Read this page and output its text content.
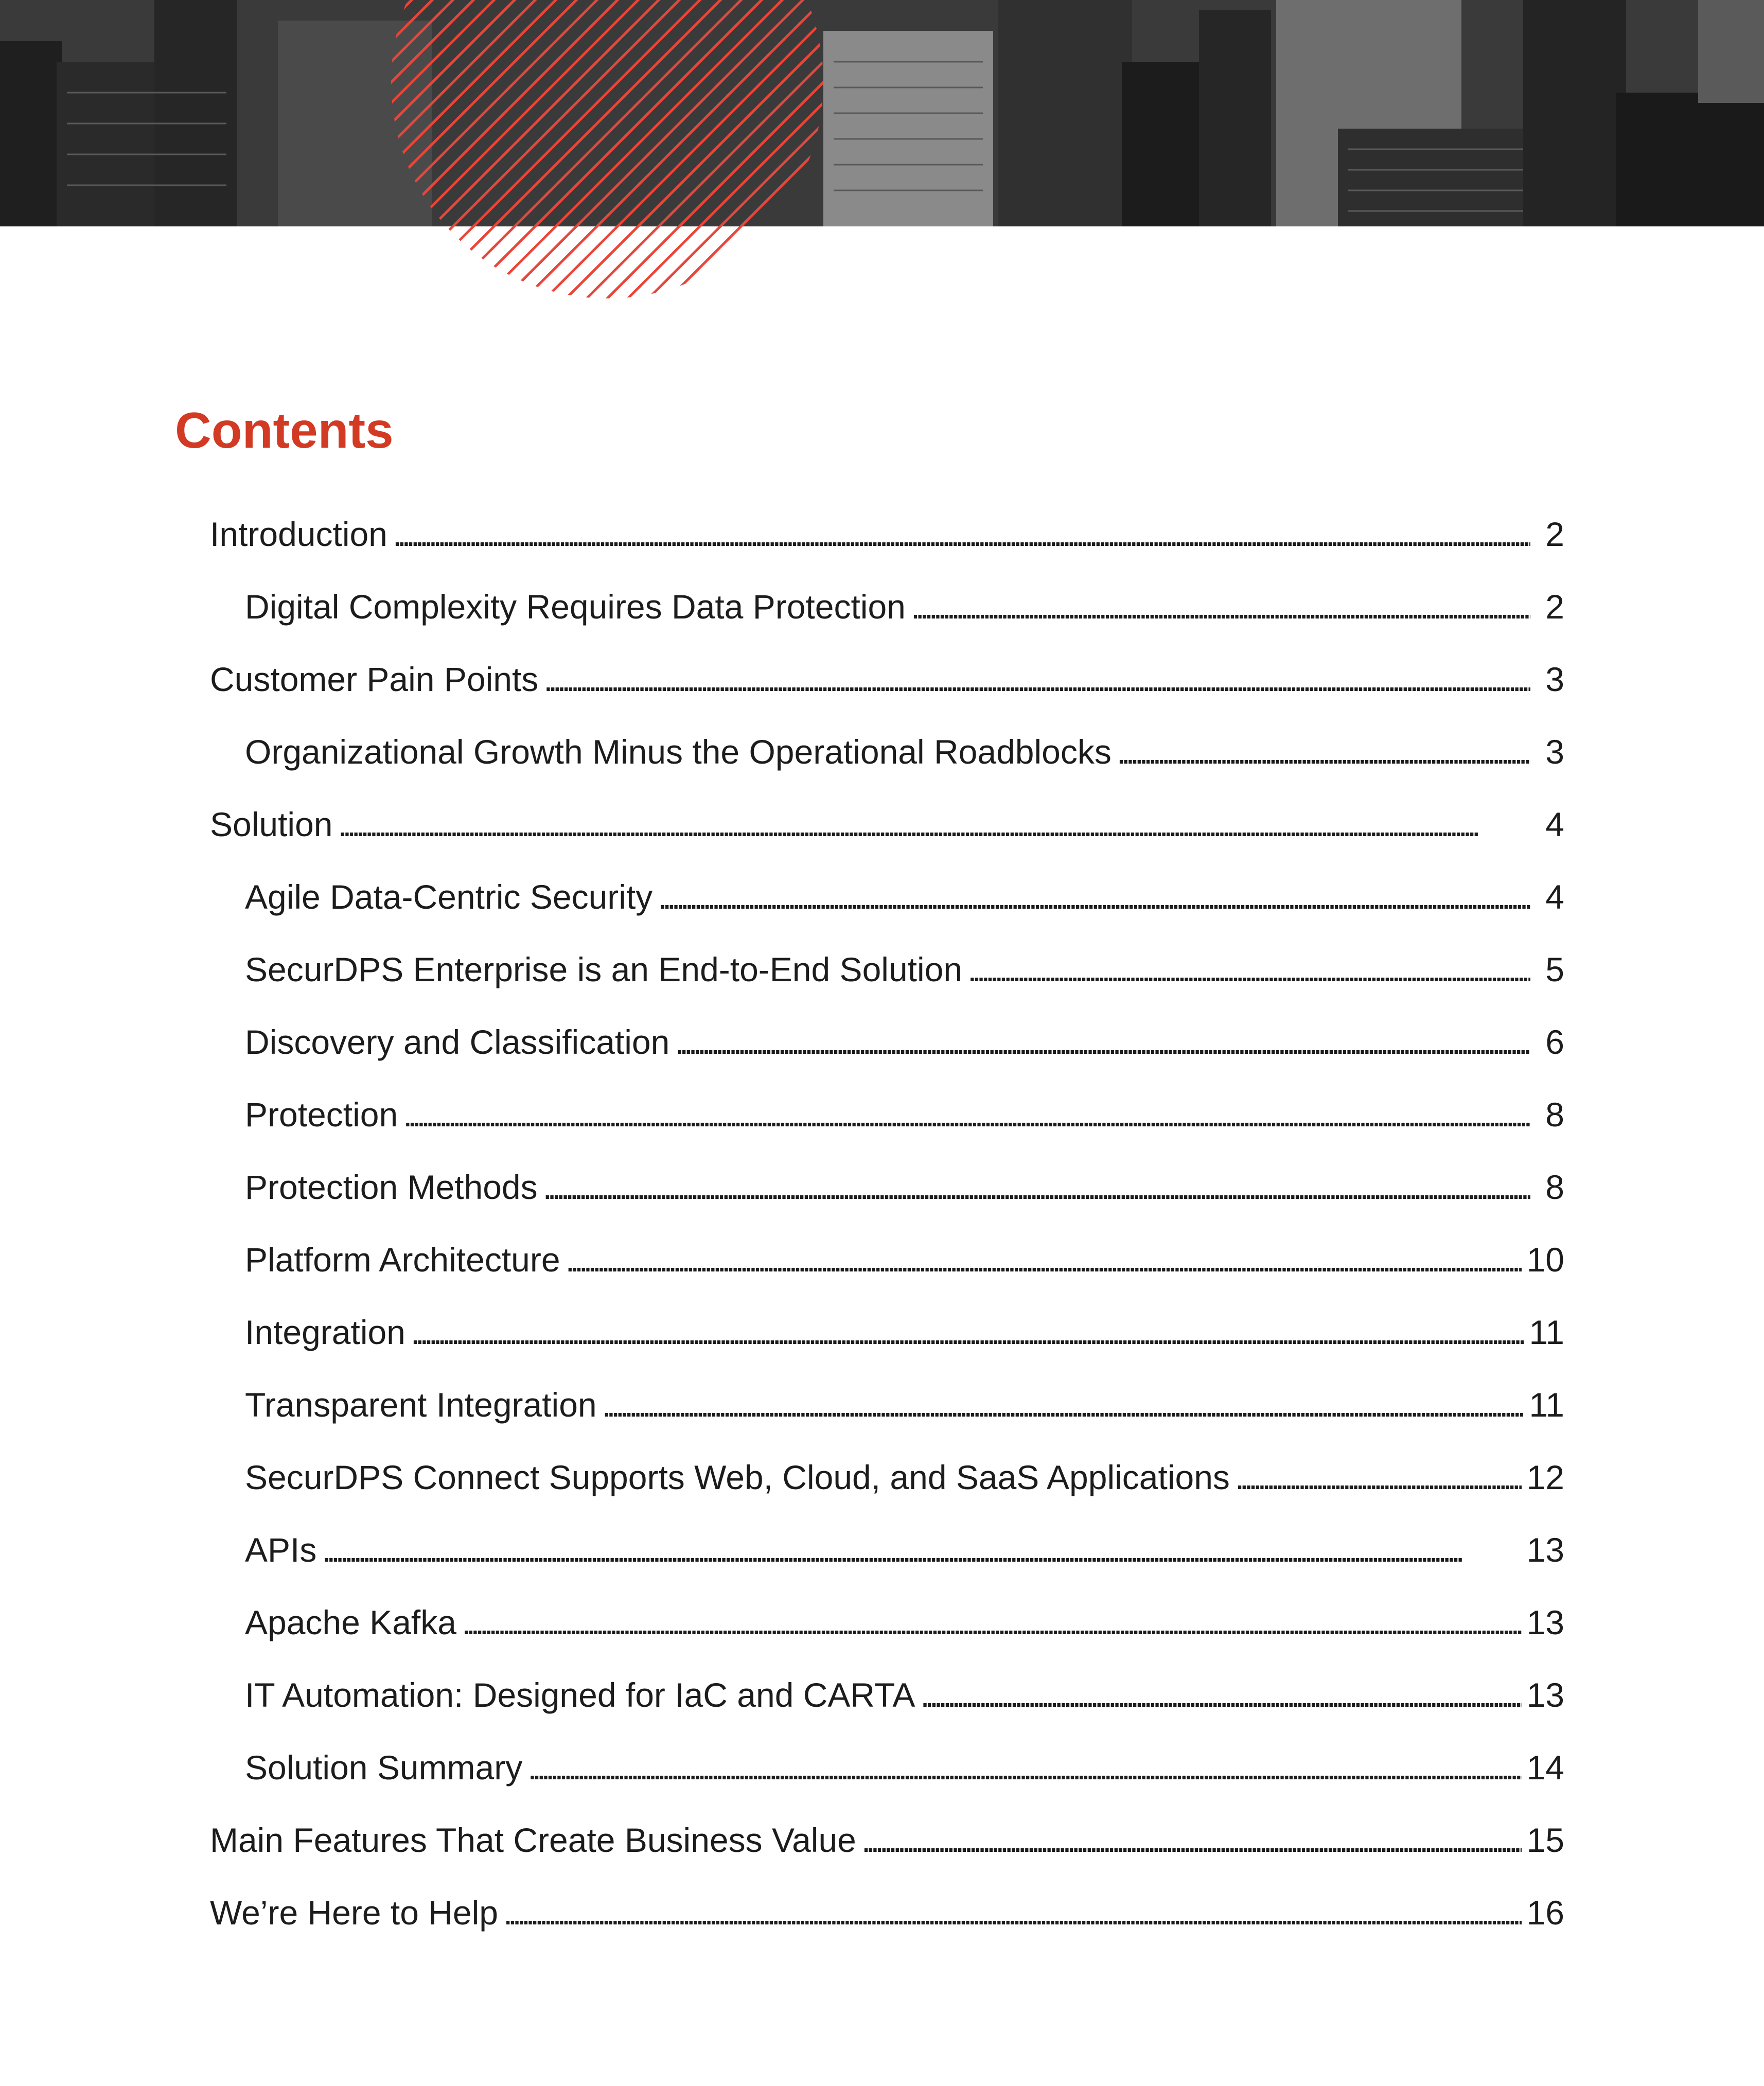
Contents
Introduction . . .	2
Digital Complexity Requires Data Protection . . .	2
Customer Pain Points . . .	3
Organizational Growth Minus the Operational Roadblocks . . .	3
Solution . . .	4
Agile Data-Centric Security . . .	4
SecurDPS Enterprise is an End-to-End Solution . . .	5
Discovery and Classification . . .	6
Protection . . .	8
Protection Methods . . .	8
Platform Architecture . . .	10
Integration . . .	11
Transparent Integration . . .	11
SecurDPS Connect Supports Web, Cloud, and SaaS Applications . . .	12
APIs . . .	13
Apache Kafka . . .	13
IT Automation: Designed for IaC and CARTA . . .	13
Solution Summary . . .	14
Main Features That Create Business Value . . .	15
We’re Here to Help . . .	16
